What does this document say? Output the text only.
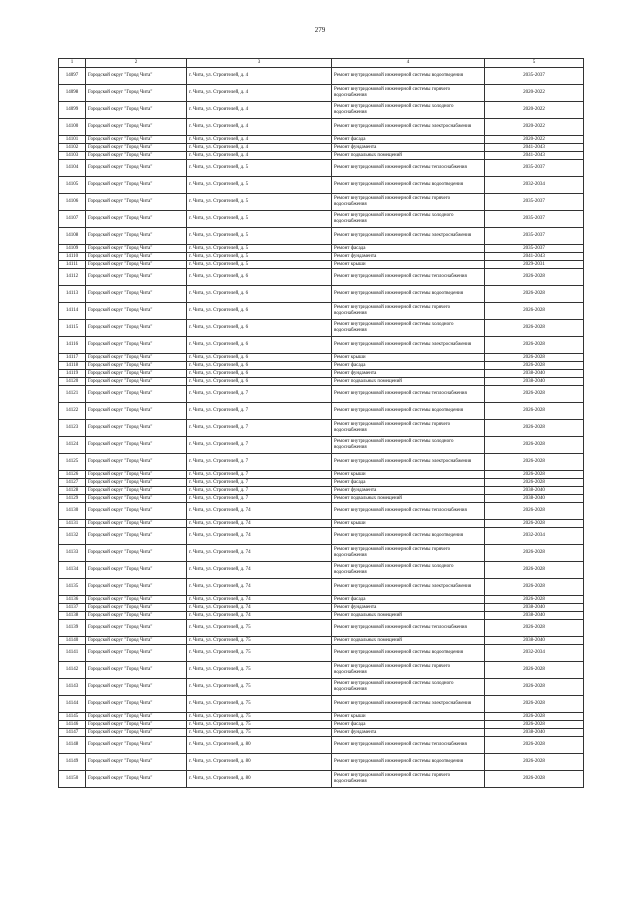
279
1	2	3	4	5
14097	Городской округ "Город Чита"	г. Чита, ул. Строителей, д. 4	Ремонт внутридомовой инженерной системы водоотведения	2035-2037
14098	Городской округ "Город Чита"	г. Чита, ул. Строителей, д. 4	Ремонт внутридомовой инженерной системы горячего водоснабжения	2020-2022
14099	Городской округ "Город Чита"	г. Чита, ул. Строителей, д. 4	Ремонт внутридомовой инженерной системы холодного водоснабжения	2020-2022
14100	Городской округ "Город Чита"	г. Чита, ул. Строителей, д. 4	Ремонт внутридомовой инженерной системы электроснабжения	2020-2022
14101	Городской округ "Город Чита"	г. Чита, ул. Строителей, д. 4	Ремонт фасада	2020-2022
14102	Городской округ "Город Чита"	г. Чита, ул. Строителей, д. 4	Ремонт фундамента	2041-2043
14103	Городской округ "Город Чита"	г. Чита, ул. Строителей, д. 4	Ремонт подвальных помещений	2041-2043
14104	Городской округ "Город Чита"	г. Чита, ул. Строителей, д. 5	Ремонт внутридомовой инженерной системы теплоснабжения	2035-2037
14105	Городской округ "Город Чита"	г. Чита, ул. Строителей, д. 5	Ремонт внутридомовой инженерной системы водоотведения	2032-2034
14106	Городской округ "Город Чита"	г. Чита, ул. Строителей, д. 5	Ремонт внутридомовой инженерной системы горячего водоснабжения	2035-2037
14107	Городской округ "Город Чита"	г. Чита, ул. Строителей, д. 5	Ремонт внутридомовой инженерной системы холодного водоснабжения	2035-2037
14108	Городской округ "Город Чита"	г. Чита, ул. Строителей, д. 5	Ремонт внутридомовой инженерной системы электроснабжения	2035-2037
14109	Городской округ "Город Чита"	г. Чита, ул. Строителей, д. 5	Ремонт фасада	2035-2037
14110	Городской округ "Город Чита"	г. Чита, ул. Строителей, д. 5	Ремонт фундамента	2041-2043
14111	Городской округ "Город Чита"	г. Чита, ул. Строителей, д. 5	Ремонт крыши	2029-2031
14112	Городской округ "Город Чита"	г. Чита, ул. Строителей, д. 6	Ремонт внутридомовой инженерной системы теплоснабжения	2026-2028
14113	Городской округ "Город Чита"	г. Чита, ул. Строителей, д. 6	Ремонт внутридомовой инженерной системы водоотведения	2026-2028
14114	Городской округ "Город Чита"	г. Чита, ул. Строителей, д. 6	Ремонт внутридомовой инженерной системы горячего водоснабжения	2026-2028
14115	Городской округ "Город Чита"	г. Чита, ул. Строителей, д. 6	Ремонт внутридомовой инженерной системы холодного водоснабжения	2026-2028
14116	Городской округ "Город Чита"	г. Чита, ул. Строителей, д. 6	Ремонт внутридомовой инженерной системы электроснабжения	2026-2028
14117	Городской округ "Город Чита"	г. Чита, ул. Строителей, д. 6	Ремонт крыши	2026-2028
14118	Городской округ "Город Чита"	г. Чита, ул. Строителей, д. 6	Ремонт фасада	2026-2028
14119	Городской округ "Город Чита"	г. Чита, ул. Строителей, д. 6	Ремонт фундамента	2038-2040
14120	Городской округ "Город Чита"	г. Чита, ул. Строителей, д. 6	Ремонт подвальных помещений	2038-2040
14121	Городской округ "Город Чита"	г. Чита, ул. Строителей, д. 7	Ремонт внутридомовой инженерной системы теплоснабжения	2026-2028
14122	Городской округ "Город Чита"	г. Чита, ул. Строителей, д. 7	Ремонт внутридомовой инженерной системы водоотведения	2026-2028
14123	Городской округ "Город Чита"	г. Чита, ул. Строителей, д. 7	Ремонт внутридомовой инженерной системы горячего водоснабжения	2026-2028
14124	Городской округ "Город Чита"	г. Чита, ул. Строителей, д. 7	Ремонт внутридомовой инженерной системы холодного водоснабжения	2026-2028
14125	Городской округ "Город Чита"	г. Чита, ул. Строителей, д. 7	Ремонт внутридомовой инженерной системы электроснабжения	2026-2028
14126	Городской округ "Город Чита"	г. Чита, ул. Строителей, д. 7	Ремонт крыши	2026-2028
14127	Городской округ "Город Чита"	г. Чита, ул. Строителей, д. 7	Ремонт фасада	2026-2028
14128	Городской округ "Город Чита"	г. Чита, ул. Строителей, д. 7	Ремонт фундамента	2038-2040
14129	Городской округ "Город Чита"	г. Чита, ул. Строителей, д. 7	Ремонт подвальных помещений	2038-2040
14130	Городской округ "Город Чита"	г. Чита, ул. Строителей, д. 74	Ремонт внутридомовой инженерной системы теплоснабжения	2026-2028
14131	Городской округ "Город Чита"	г. Чита, ул. Строителей, д. 74	Ремонт крыши	2026-2028
14132	Городской округ "Город Чита"	г. Чита, ул. Строителей, д. 74	Ремонт внутридомовой инженерной системы водоотведения	2032-2034
14133	Городской округ "Город Чита"	г. Чита, ул. Строителей, д. 74	Ремонт внутридомовой инженерной системы горячего водоснабжения	2026-2028
14134	Городской округ "Город Чита"	г. Чита, ул. Строителей, д. 74	Ремонт внутридомовой инженерной системы холодного водоснабжения	2026-2028
14135	Городской округ "Город Чита"	г. Чита, ул. Строителей, д. 74	Ремонт внутридомовой инженерной системы электроснабжения	2026-2028
14136	Городской округ "Город Чита"	г. Чита, ул. Строителей, д. 74	Ремонт фасада	2026-2028
14137	Городской округ "Город Чита"	г. Чита, ул. Строителей, д. 74	Ремонт фундамента	2038-2040
14138	Городской округ "Город Чита"	г. Чита, ул. Строителей, д. 74	Ремонт подвальных помещений	2038-2040
14139	Городской округ "Город Чита"	г. Чита, ул. Строителей, д. 75	Ремонт внутридомовой инженерной системы теплоснабжения	2026-2028
14140	Городской округ "Город Чита"	г. Чита, ул. Строителей, д. 75	Ремонт подвальных помещений	2038-2040
14141	Городской округ "Город Чита"	г. Чита, ул. Строителей, д. 75	Ремонт внутридомовой инженерной системы водоотведения	2032-2034
14142	Городской округ "Город Чита"	г. Чита, ул. Строителей, д. 75	Ремонт внутридомовой инженерной системы горячего водоснабжения	2026-2028
14143	Городской округ "Город Чита"	г. Чита, ул. Строителей, д. 75	Ремонт внутридомовой инженерной системы холодного водоснабжения	2026-2028
14144	Городской округ "Город Чита"	г. Чита, ул. Строителей, д. 75	Ремонт внутридомовой инженерной системы электроснабжения	2026-2028
14145	Городской округ "Город Чита"	г. Чита, ул. Строителей, д. 75	Ремонт крыши	2026-2028
14146	Городской округ "Город Чита"	г. Чита, ул. Строителей, д. 75	Ремонт фасада	2026-2028
14147	Городской округ "Город Чита"	г. Чита, ул. Строителей, д. 75	Ремонт фундамента	2038-2040
14148	Городской округ "Город Чита"	г. Чита, ул. Строителей, д. 80	Ремонт внутридомовой инженерной системы теплоснабжения	2026-2028
14149	Городской округ "Город Чита"	г. Чита, ул. Строителей, д. 80	Ремонт внутридомовой инженерной системы водоотведения	2026-2028
14150	Городской округ "Город Чита"	г. Чита, ул. Строителей, д. 80	Ремонт внутридомовой инженерной системы горячего водоснабжения	2026-2028
